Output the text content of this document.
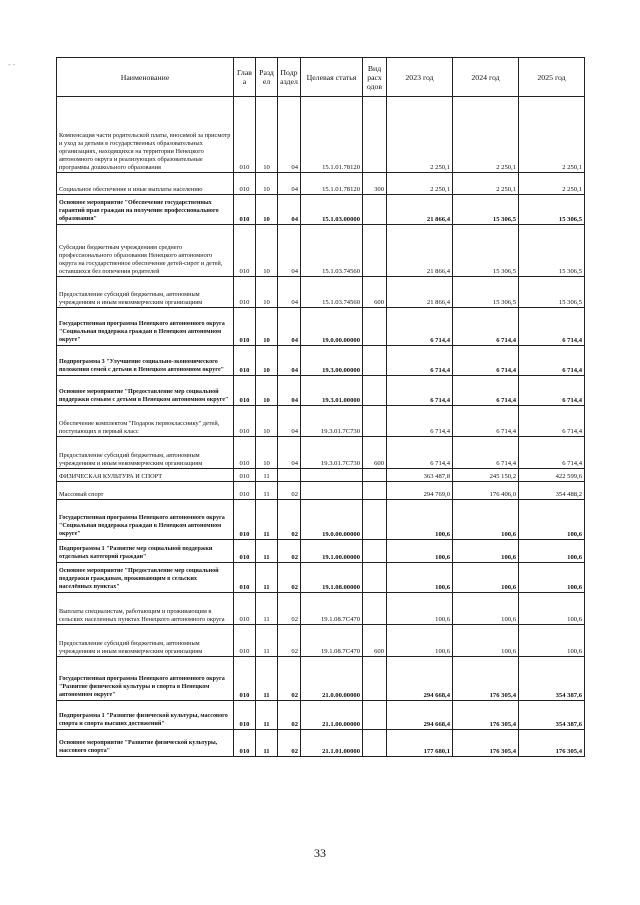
- -
Наименование	Глав а	Разд ел	Подр аздел	Целевая статья	Вид расх одов	2023 год	2024 год	2025 год
Компенсация части родительской платы, вносимой за присмотр и уход за детьми в государственных образовательных организациях, находящихся на территории Ненецкого автономного округа и реализующих образовательные программы дошкольного образования	010	10	04	15.1.01.78120		2 250,1	2 250,1	2 250,1
Социальное обеспечение и иные выплаты населению	010	10	04	15.1.01.78120	300	2 250,1	2 250,1	2 250,1
Основное мероприятие "Обеспечение государственных гарантий прав граждан на получение профессионального образования"	010	10	04	15.1.03.00000		21 866,4	15 306,5	15 306,5
Субсидии бюджетным учреждениям среднего профессионального образования Ненецкого автономного округа на государственное обеспечение детей-сирот и детей, оставшихся без попечения родителей	010	10	04	15.1.03.74560		21 866,4	15 306,5	15 306,5
Предоставление субсидий бюджетным, автономным учреждениям и иным некоммерческим организациям	010	10	04	15.1.03.74560	600	21 866,4	15 306,5	15 306,5
Государственная программа Ненецкого автономного округа "Социальная поддержка граждан в Ненецком автономном округе"	010	10	04	19.0.00.00000		6 714,4	6 714,4	6 714,4
Подпрограмма 3 "Улучшение социально-экономического положения семей с детьми в Ненецком автономном округе"	010	10	04	19.3.00.00000		6 714,4	6 714,4	6 714,4
Основное мероприятие "Предоставление мер социальной поддержки семьям с детьми в Ненецком автономном округе"	010	10	04	19.3.01.00000		6 714,4	6 714,4	6 714,4
Обеспечение комплектом "Подарок первокласснику" детей, поступающих в первый класс	010	10	04	19.3.01.7С730		6 714,4	6 714,4	6 714,4
Предоставление субсидий бюджетным, автономным учреждениям и иным некоммерческим организациям	010	10	04	19.3.01.7С730	600	6 714,4	6 714,4	6 714,4
ФИЗИЧЕСКАЯ КУЛЬТУРА И СПОРТ	010	11				363 487,8	245 150,2	422 599,6
Массовый спорт	010	11	02			294 769,0	176 406,0	354 488,2
Государственная программа Ненецкого автономного округа "Социальная поддержка граждан в Ненецком автономном округе"	010	11	02	19.0.00.00000		100,6	100,6	100,6
Подпрограмма 1 "Развитие мер социальной поддержки отдельных категорий граждан"	010	11	02	19.1.00.00000		100,6	100,6	100,6
Основное мероприятие "Предоставление мер социальной поддержки гражданам, проживающим в сельских населённых пунктах"	010	11	02	19.1.08.00000		100,6	100,6	100,6
Выплаты специалистам, работающим и проживающим в сельских населенных пунктах Ненецкого автономного округа	010	11	02	19.1.08.7С470		100,6	100,6	100,6
Предоставление субсидий бюджетным, автономным учреждениям и иным некоммерческим организациям	010	11	02	19.1.08.7С470	600	100,6	100,6	100,6
Государственная программа Ненецкого автономного округа "Развитие физической культуры и спорта в Ненецком автономном округе"	010	11	02	21.0.00.00000		294 668,4	176 305,4	354 387,6
Подпрограмма 1 "Развитие физической культуры, массового спорта и спорта высших достижений"	010	11	02	21.1.00.00000		294 668,4	176 305,4	354 387,6
Основное мероприятие "Развитие физической культуры, массового спорта"	010	11	02	21.1.01.00000		177 680,1	176 305,4	176 305,4
33
